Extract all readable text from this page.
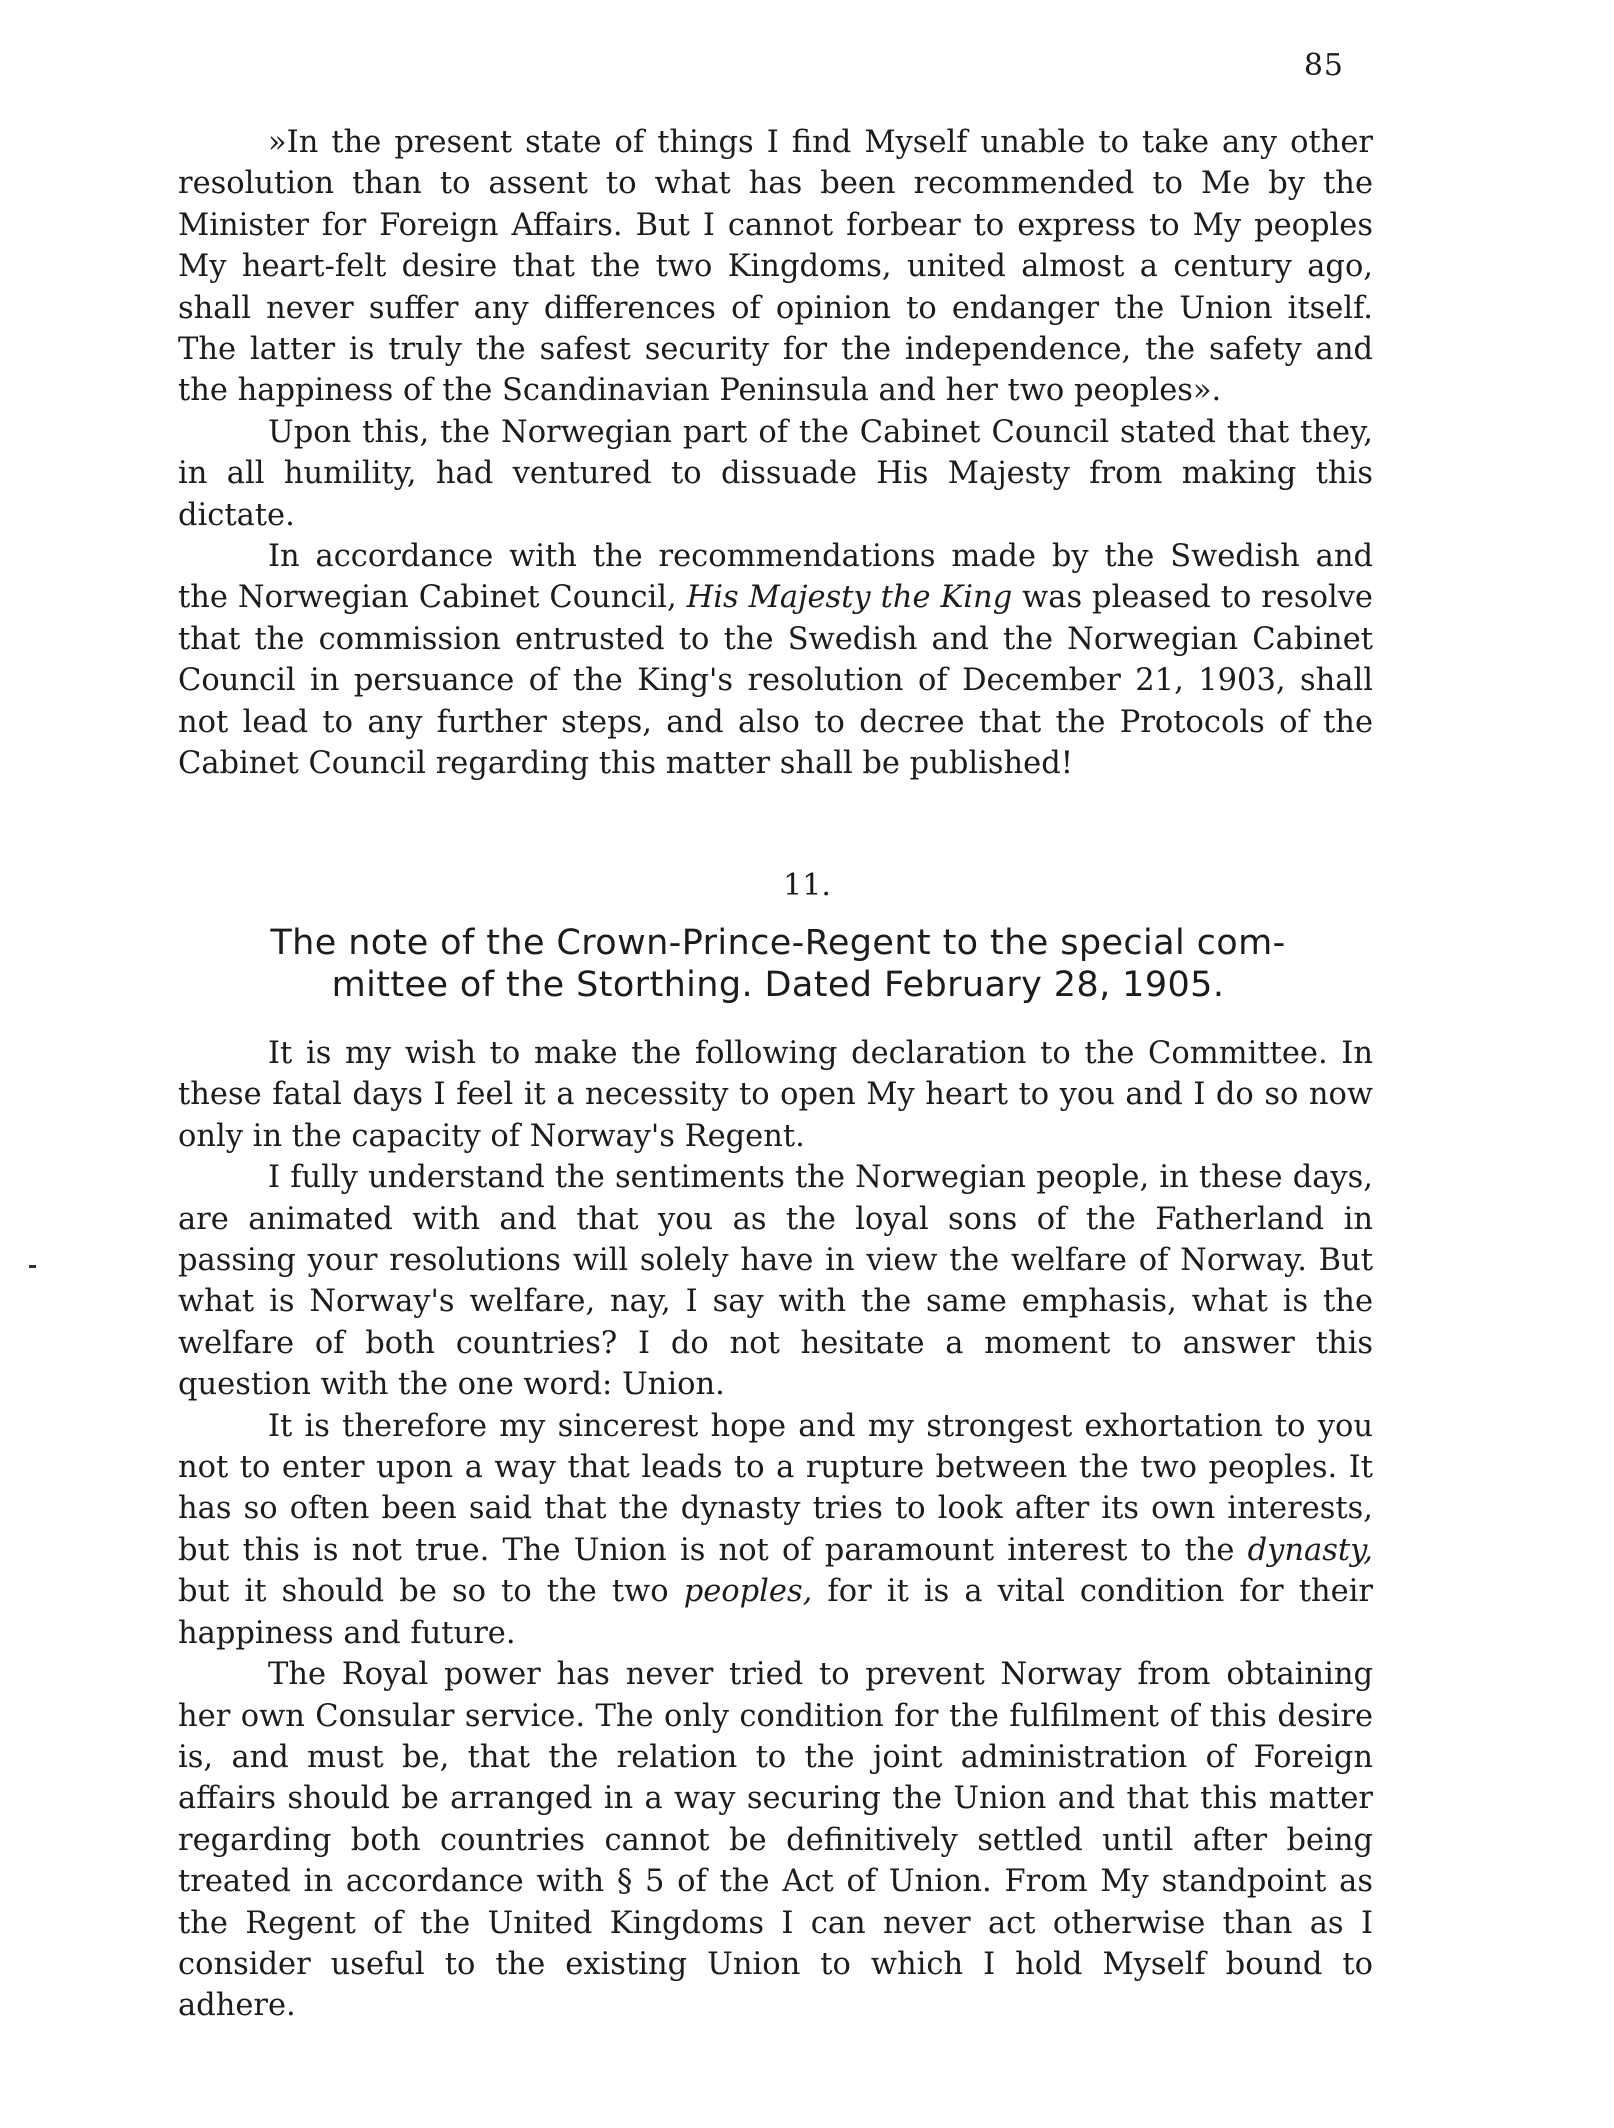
85

»In the present state of things I find Myself unable to take any other resolution than to assent to what has been recommended to Me by the Minister for Foreign Affairs. But I cannot forbear to express to My peoples My heart-felt desire that the two Kingdoms, united almost a century ago, shall never suffer any differences of opinion to endanger the Union itself. The latter is truly the safest security for the independence, the safety and the happiness of the Scandinavian Peninsula and her two peoples».

Upon this, the Norwegian part of the Cabinet Council stated that they, in all humility, had ventured to dissuade His Majesty from making this dictate.

In accordance with the recommendations made by the Swedish and the Norwegian Cabinet Council, His Majesty the King was pleased to resolve that the commission entrusted to the Swedish and the Norwegian Cabinet Council in persuance of the King's resolution of December 21, 1903, shall not lead to any further steps, and also to decree that the Protocols of the Cabinet Council regarding this matter shall be published!

11.
The note of the Crown-Prince-Regent to the special com-
mittee of the Storthing. Dated February 28, 1905.

It is my wish to make the following declaration to the Committee. In these fatal days I feel it a necessity to open My heart to you and I do so now only in the capacity of Norway's Regent.

I fully understand the sentiments the Norwegian people, in these days, are animated with and that you as the loyal sons of the Fatherland in passing your resolutions will solely have in view the welfare of Norway. But what is Norway's welfare, nay, I say with the same emphasis, what is the welfare of both countries? I do not hesitate a moment to answer this question with the one word: Union.

It is therefore my sincerest hope and my strongest exhortation to you not to enter upon a way that leads to a rupture between the two peoples. It has so often been said that the dynasty tries to look after its own interests, but this is not true. The Union is not of paramount interest to the dynasty, but it should be so to the two peoples, for it is a vital condition for their happiness and future.

The Royal power has never tried to prevent Norway from obtaining her own Consular service. The only condition for the fulfilment of this desire is, and must be, that the relation to the joint administration of Foreign affairs should be arranged in a way securing the Union and that this matter regarding both countries cannot be definitively settled until after being treated in accordance with § 5 of the Act of Union. From My standpoint as the Regent of the United Kingdoms I can never act otherwise than as I consider useful to the existing Union to which I hold Myself bound to adhere.
